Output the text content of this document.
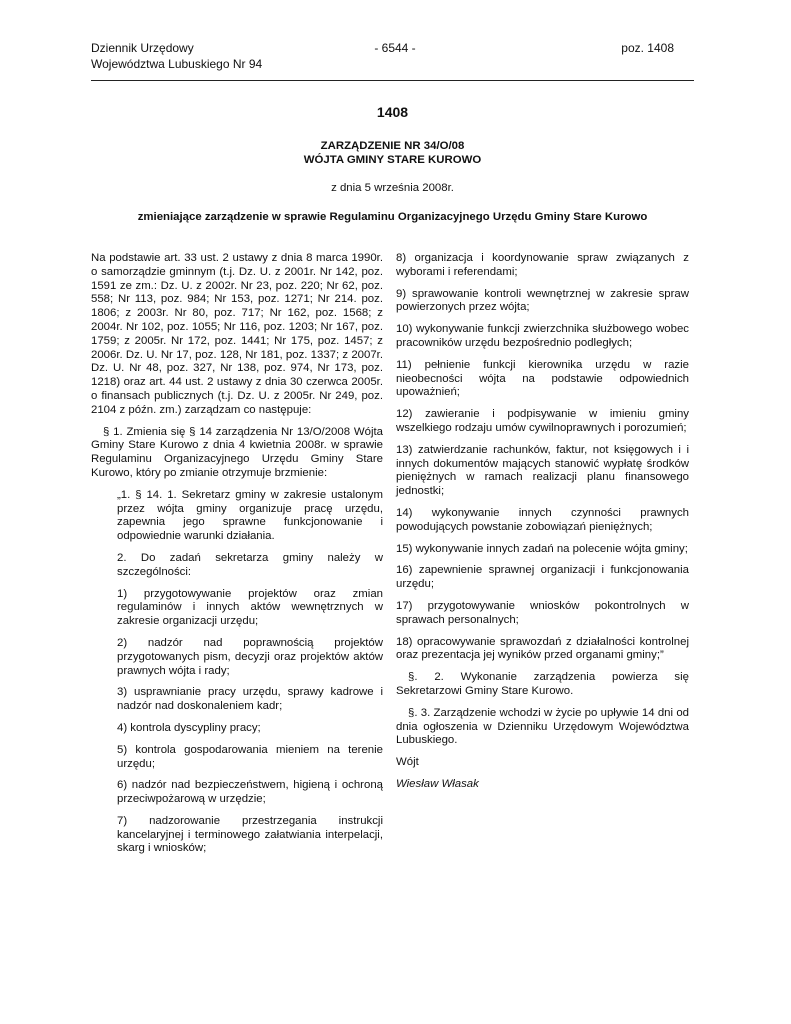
Dziennik Urzędowy
Województwa Lubuskiego Nr 94
- 6544 -	poz. 1408
1408
ZARZĄDZENIE NR 34/O/08
WÓJTA GMINY STARE KUROWO
z dnia 5 września 2008r.
zmieniające zarządzenie w sprawie Regulaminu Organizacyjnego Urzędu Gminy Stare Kurowo

Na podstawie art. 33 ust. 2 ustawy z dnia 8 marca 1990r. o samorządzie gminnym (t.j. Dz. U. z 2001r. Nr 142, poz. 1591 ze zm.: Dz. U. z 2002r. Nr 23, poz. 220; Nr 62, poz. 558; Nr 113, poz. 984; Nr 153, poz. 1271; Nr 214. poz. 1806; z 2003r. Nr 80, poz. 717; Nr 162, poz. 1568; z 2004r. Nr 102, poz. 1055; Nr 116, poz. 1203; Nr 167, poz. 1759; z 2005r. Nr 172, poz. 1441; Nr 175, poz. 1457; z 2006r. Dz. U. Nr 17, poz. 128, Nr 181, poz. 1337; z 2007r. Dz. U. Nr 48, poz. 327, Nr 138, poz. 974, Nr 173, poz. 1218) oraz art. 44 ust. 2 ustawy z dnia 30 czerwca 2005r. o finansach publicznych (t.j. Dz. U. z 2005r. Nr 249, poz. 2104 z późn. zm.) zarządzam co następuje:

§ 1. Zmienia się § 14 zarządzenia Nr 13/O/2008 Wójta Gminy Stare Kurowo z dnia 4 kwietnia 2008r. w sprawie Regulaminu Organizacyjnego Urzędu Gminy Stare Kurowo, który po zmianie otrzymuje brzmienie:

„1. § 14. 1. Sekretarz gminy w zakresie ustalonym przez wójta gminy organizuje pracę urzędu, zapewnia jego sprawne funkcjonowanie i odpowiednie warunki działania.

2. Do zadań sekretarza gminy należy w szczególności:

1) przygotowywanie projektów oraz zmian regulaminów i innych aktów wewnętrznych w zakresie organizacji urzędu;

2) nadzór nad poprawnością projektów przygotowanych pism, decyzji oraz projektów aktów prawnych wójta i rady;

3) usprawnianie pracy urzędu, sprawy kadrowe i nadzór nad doskonaleniem kadr;

4) kontrola dyscypliny pracy;

5) kontrola gospodarowania mieniem na terenie urzędu;

6) nadzór nad bezpieczeństwem, higieną i ochroną przeciwpożarową w urzędzie;

7) nadzorowanie przestrzegania instrukcji kancelaryjnej i terminowego załatwiania interpelacji, skarg i wniosków;

8) organizacja i koordynowanie spraw związanych z wyborami i referendami;

9) sprawowanie kontroli wewnętrznej w zakresie spraw powierzonych przez wójta;

10) wykonywanie funkcji zwierzchnika służbowego wobec pracowników urzędu bezpośrednio podległych;

11) pełnienie funkcji kierownika urzędu w razie nieobecności wójta na podstawie odpowiednich upoważnień;

12) zawieranie i podpisywanie w imieniu gminy wszelkiego rodzaju umów cywilnoprawnych i porozumień;

13) zatwierdzanie rachunków, faktur, not księgowych i i innych dokumentów mających stanowić wypłatę środków pieniężnych w ramach realizacji planu finansowego jednostki;

14) wykonywanie innych czynności prawnych powodujących powstanie zobowiązań pieniężnych;

15) wykonywanie innych zadań na polecenie wójta gminy;

16) zapewnienie sprawnej organizacji i funkcjonowania urzędu;

17) przygotowywanie wniosków pokontrolnych w sprawach personalnych;

18) opracowywanie sprawozdań z działalności kontrolnej oraz prezentacja jej wyników przed organami gminy;”

§. 2. Wykonanie zarządzenia powierza się Sekretarzowi Gminy Stare Kurowo.

§. 3. Zarządzenie wchodzi w życie po upływie 14 dni od dnia ogłoszenia w Dzienniku Urzędowym Województwa Lubuskiego.

Wójt

Wiesław Własak
